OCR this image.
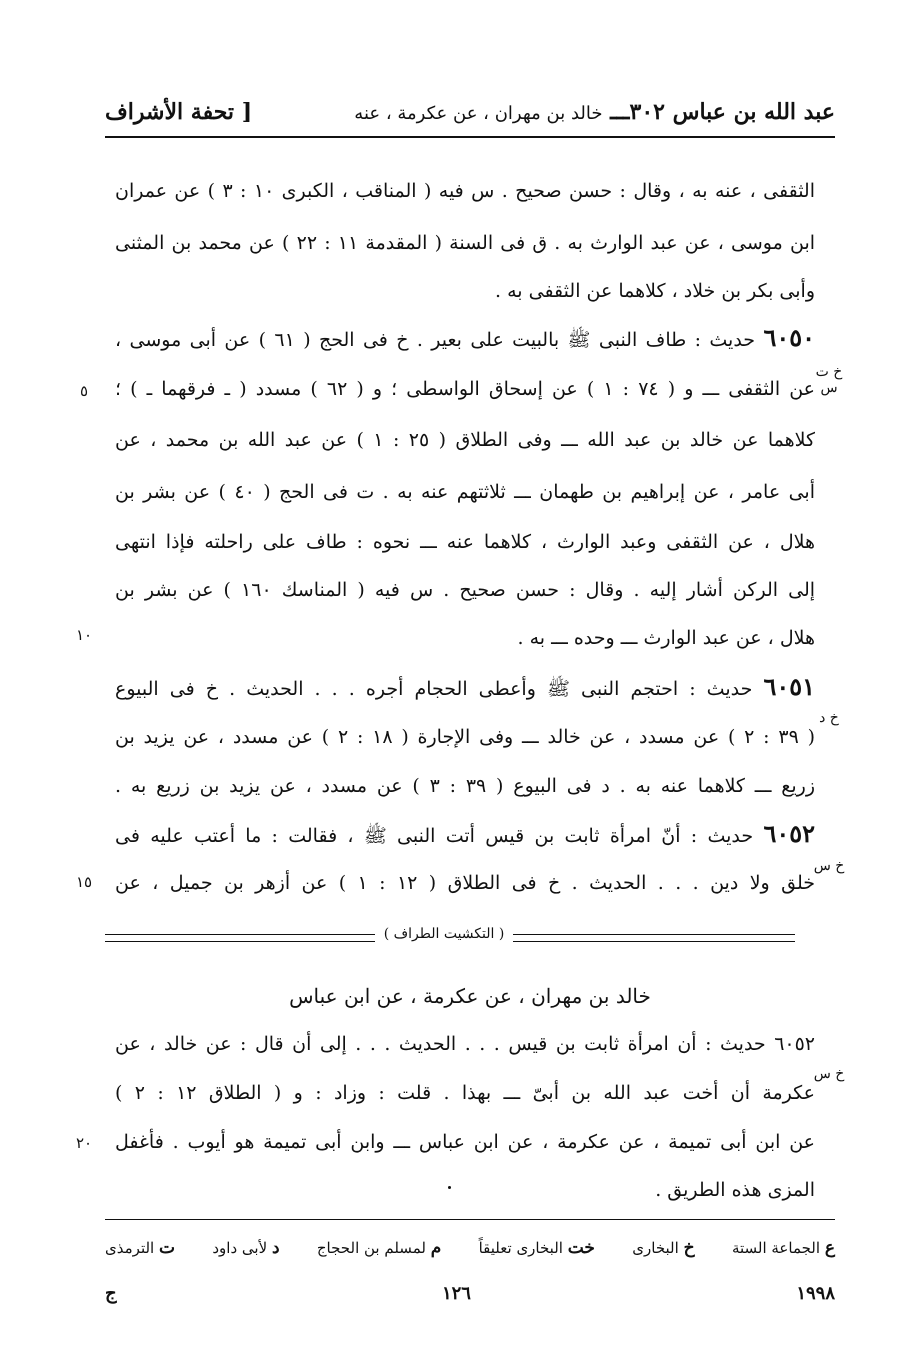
عبد الله بن عباس ٣٠٢ـــ خالد بن مهران ، عن عكرمة ، عنه
[ تحفة الأشراف
الثقفى ، عنه به ، وقال : حسن صحيح . س فيه ( المناقب ، الكبرى ١٠ : ٣ ) عن عمران
ابن موسى ، عن عبد الوارث به . ق فى السنة ( المقدمة ١١ : ٢٢ ) عن محمد بن المثنى
وأبى بكر بن خلاد ، كلاهما عن الثقفى به .
٦٠٥٠ حديث : طاف النبى ﷺ بالبيت على بعير . خ فى الحج ( ٦١ ) عن أبى موسى ،
خ ت س
عن الثقفى ـــ و ( ٧٤ : ١ ) عن إسحاق الواسطى ؛ و ( ٦٢ ) مسدد ( ـ فرقهما ـ ) ؛
٥
كلاهما عن خالد بن عبد الله ـــ وفى الطلاق ( ٢٥ : ١ ) عن عبد الله بن محمد ، عن
أبى عامر ، عن إبراهيم بن طهمان ـــ ثلاثتهم عنه به . ت فى الحج ( ٤٠ ) عن بشر بن
هلال ، عن الثقفى وعبد الوارث ، كلاهما عنه ـــ نحوه : طاف على راحلته فإذا انتهى
إلى الركن أشار إليه . وقال : حسن صحيح . س فيه ( المناسك ١٦٠ ) عن بشر بن
هلال ، عن عبد الوارث ـــ وحده ـــ به .
١٠
٦٠٥١ حديث : احتجم النبى ﷺ وأعطى الحجام أجره . . . الحديث . خ فى البيوع
خ د
( ٣٩ : ٢ ) عن مسدد ، عن خالد ـــ وفى الإجارة ( ١٨ : ٢ ) عن مسدد ، عن يزيد بن
زريع ـــ كلاهما عنه به . د فى البيوع ( ٣٩ : ٣ ) عن مسدد ، عن يزيد بن زريع به .
٦٠٥٢ حديث : أنّ امرأة ثابت بن قيس أتت النبى ﷺ ، فقالت : ما أعتب عليه فى
خ س
خلق ولا دين . . . الحديث . خ فى الطلاق ( ١٢ : ١ ) عن أزهر بن جميل ، عن
١٥
( التكشيت الطراف )
خالد بن مهران ، عن عكرمة ، عن ابن عباس
٦٠٥٢ حديث : أن امرأة ثابت بن قيس . . . الحديث . . . إلى أن قال : عن خالد ، عن
خ س
عكرمة أن أخت عبد الله بن أبىّ ـــ بهذا . قلت : وزاد : و ( الطلاق ١٢ : ٢ )
عن ابن أبى تميمة ، عن عكرمة ، عن ابن عباس ـــ وابن أبى تميمة هو أيوب . فأغفل
٢٠
المزى هذه الطريق .
ع الجماعة الستة
خ البخارى
خت البخارى تعليقاً
م لمسلم بن الحجاج
د لأبى داود
ت الترمذى
١٩٩٨
١٢٦
ج
